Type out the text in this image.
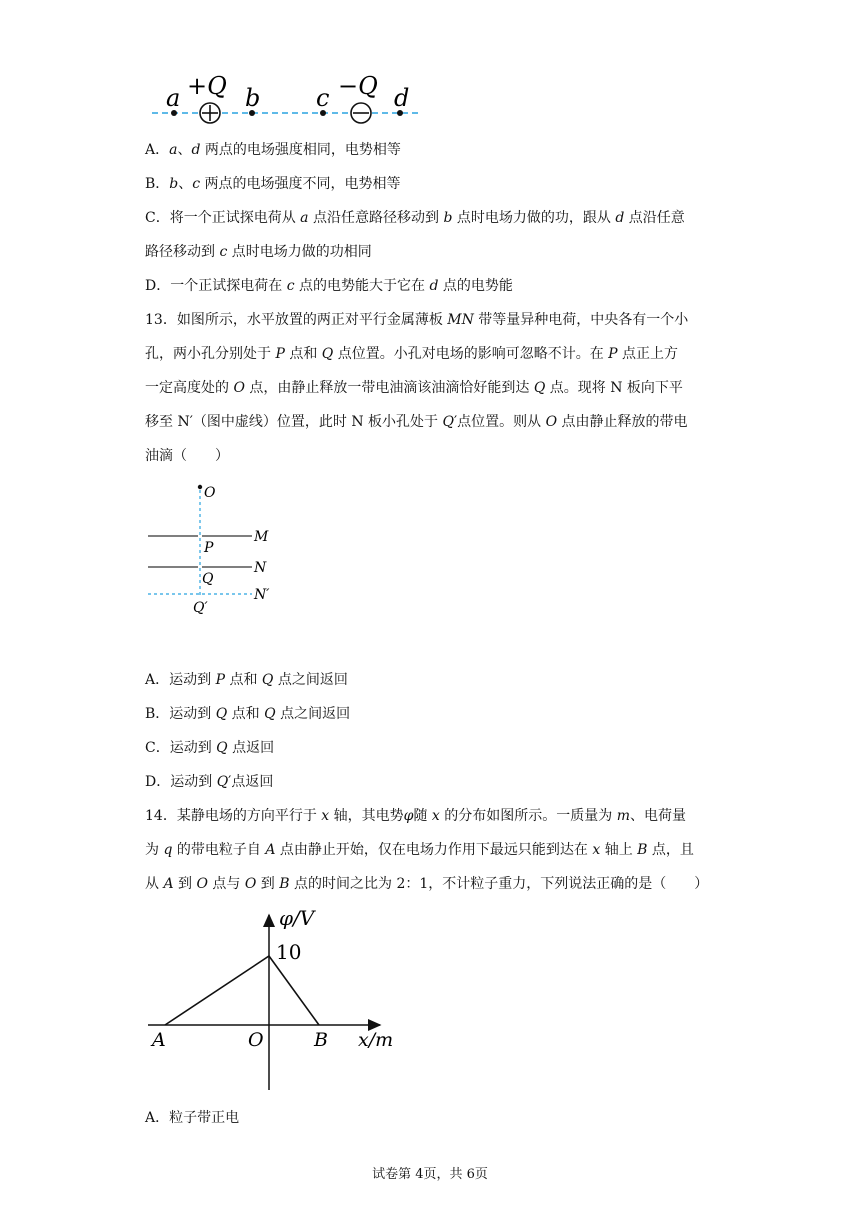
a +Q b c −Q d
A．a、d 两点的电场强度相同，电势相等
B．b、c 两点的电场强度不同，电势相等
C．将一个正试探电荷从 a 点沿任意路径移动到 b 点时电场力做的功，跟从 d 点沿任意
路径移动到 c 点时电场力做的功相同
D．一个正试探电荷在 c 点的电势能大于它在 d 点的电势能
13．如图所示，水平放置的两正对平行金属薄板 MN 带等量异种电荷，中央各有一个小
孔，两小孔分别处于 P 点和 Q 点位置。小孔对电场的影响可忽略不计。在 P 点正上方
一定高度处的 O 点，由静止释放一带电油滴该油滴恰好能到达 Q 点。现将 N 板向下平
移至 N′（图中虚线）位置，此时 N 板小孔处于 Q′点位置。则从 O 点由静止释放的带电
油滴（　　）
O
M
P
N
Q
N′
Q′
A．运动到 P 点和 Q 点之间返回
B．运动到 Q 点和 Q 点之间返回
C．运动到 Q 点返回
D．运动到 Q′点返回
14．某静电场的方向平行于 x 轴，其电势φ随 x 的分布如图所示。一质量为 m、电荷量
为 q 的带电粒子自 A 点由静止开始，仅在电场力作用下最远只能到达在 x 轴上 B 点，且
从 A 到 O 点与 O 到 B 点的时间之比为 2：1，不计粒子重力，下列说法正确的是（　　）
φ/V
10
A	O	B x/m
A．粒子带正电
试卷第 4页，共 6页
